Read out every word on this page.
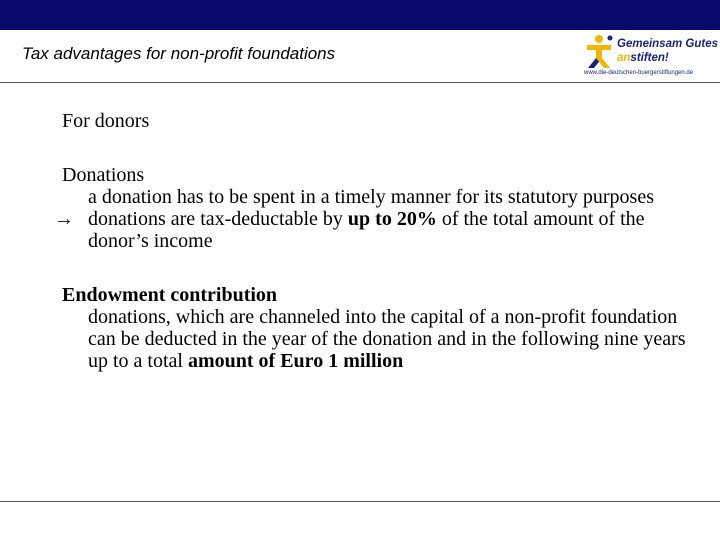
Tax advantages for non-profit foundations	Gemeinsam Gutes
anstiften!
www.die-deutschen-buergerstiftungen.de
For donors
Donations
a donation has to be spent in a timely manner for its statutory purposes
→ donations are tax-deductable by up to 20% of the total amount of the donor’s income
Endowment contribution
donations, which are channeled into the capital of a non-profit foundation can be deducted in the year of the donation and in the following nine years up to a total amount of Euro 1 million
